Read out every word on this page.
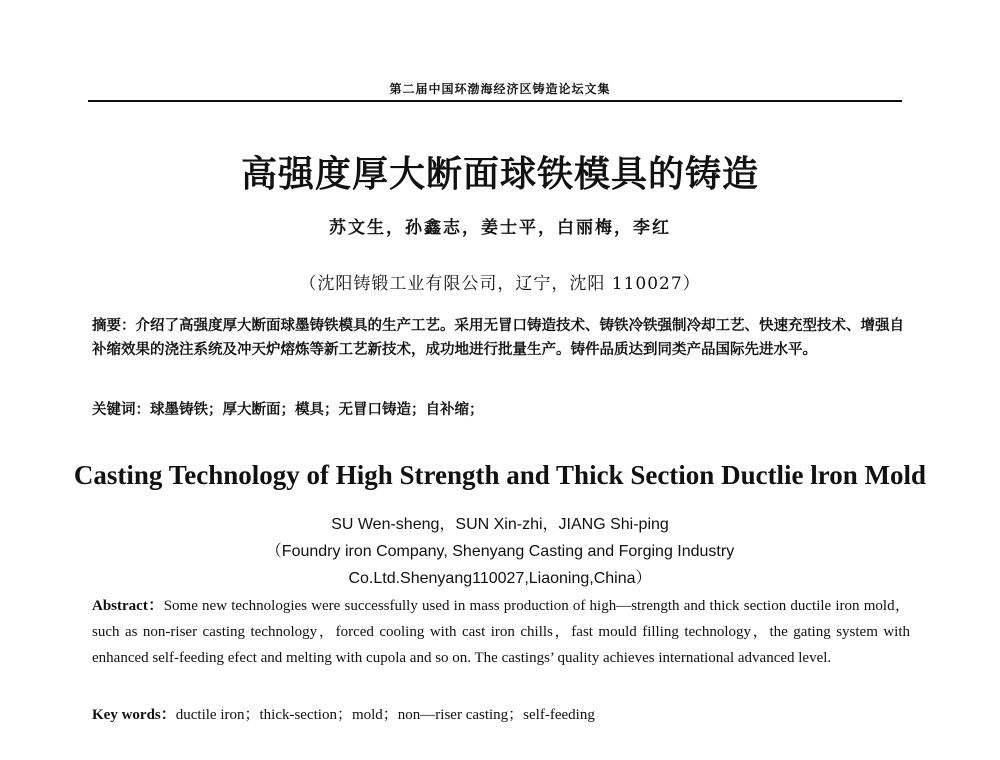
第二届中国环渤海经济区铸造论坛文集
高强度厚大断面球铁模具的铸造
苏文生，孙鑫志，姜士平，白丽梅，李红
（沈阳铸锻工业有限公司，辽宁，沈阳 110027）
摘要：介绍了高强度厚大断面球墨铸铁模具的生产工艺。采用无冒口铸造技术、铸铁冷铁强制冷却工艺、快速充型技术、增强自补缩效果的浇注系统及冲天炉熔炼等新工艺新技术，成功地进行批量生产。铸件品质达到同类产品国际先进水平。
关键词：球墨铸铁；厚大断面；模具；无冒口铸造；自补缩；
Casting Technology of High Strength and Thick Section Ductlie lron Mold
SU Wen-sheng，SUN Xin-zhi，JIANG Shi-ping
（Foundry iron Company, Shenyang Casting and Forging Industry
Co.Ltd.Shenyang110027,Liaoning,China）
Abstract：Some new technologies were successfully used in mass production of high—strength and thick section ductile iron mold，such as non-riser casting technology，forced cooling with cast iron chills，fast mould filling technology，the gating system with enhanced self-feeding efect and melting with cupola and so on. The castings’ quality achieves international advanced level.
Key words：ductile iron；thick-section；mold；non—riser casting；self-feeding
